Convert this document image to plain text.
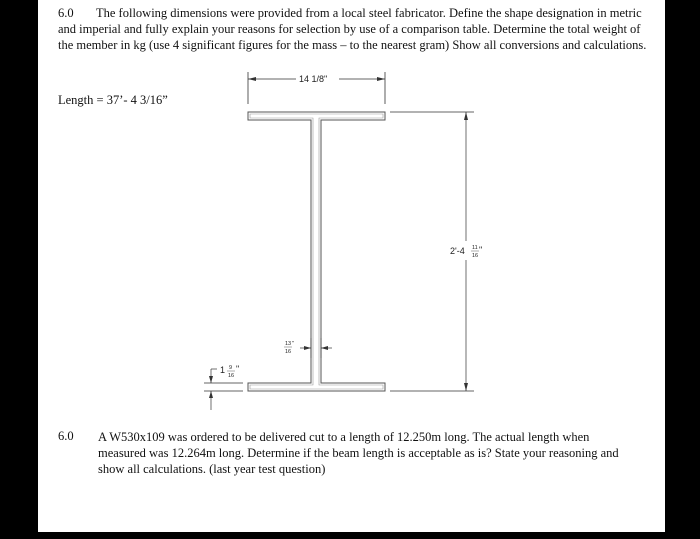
6.0 The following dimensions were provided from a local steel fabricator. Define the shape designation in metric and imperial and fully explain your reasons for selection by use of a comparison table. Determine the total weight of the member in kg (use 4 significant figures for the mass – to the nearest gram) Show all conversions and calculations.
Length = 37’- 4 3/16”
14 1/8"
2'-4 11
16
"
13
16
"
1 9
16
"
6.0 A W530x109 was ordered to be delivered cut to a length of 12.250m long. The actual length when measured was 12.264m long. Determine if the beam length is acceptable as is? State your reasoning and show all calculations. (last year test question)
